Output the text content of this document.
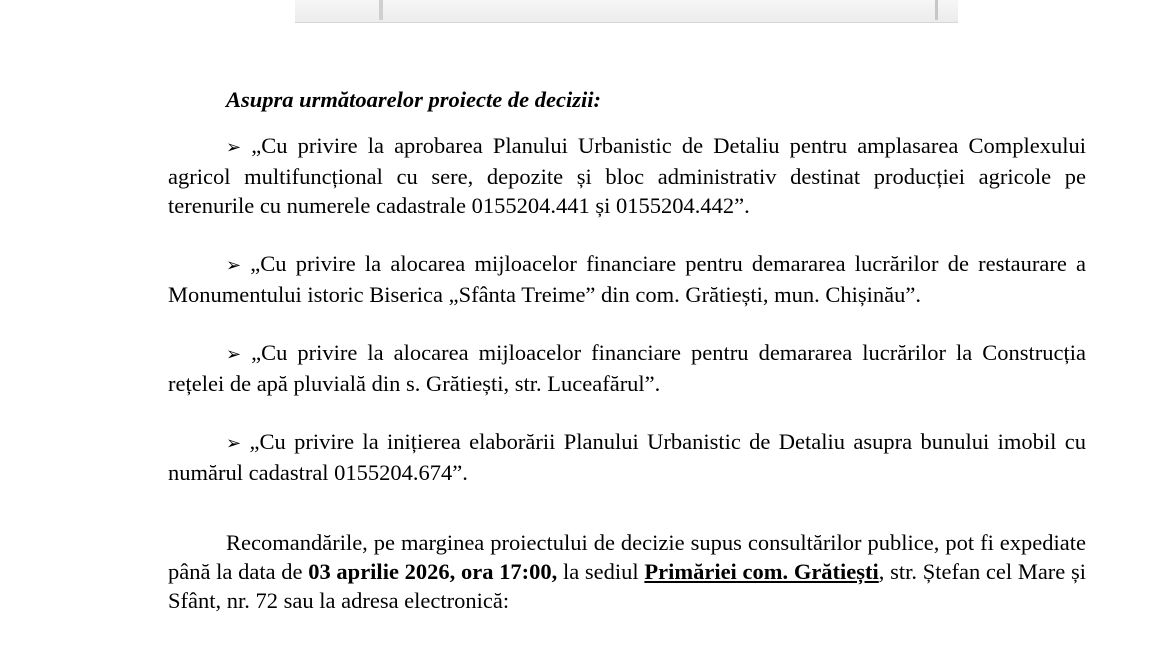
Asupra următoarelor proiecte de decizii:

➢ „Cu privire la aprobarea Planului Urbanistic de Detaliu pentru amplasarea Complexului agricol multifuncțional cu sere, depozite și bloc administrativ destinat producției agricole pe terenurile cu numerele cadastrale 0155204.441 și 0155204.442”.

➢ „Cu privire la alocarea mijloacelor financiare pentru demararea lucrărilor de restaurare a Monumentului istoric Biserica „Sfânta Treime” din com. Grătiești, mun. Chișinău”.

➢ „Cu privire la alocarea mijloacelor financiare pentru demararea lucrărilor la Construcția rețelei de apă pluvială din s. Grătiești, str. Luceafărul”.

➢ „Cu privire la inițierea elaborării Planului Urbanistic de Detaliu asupra bunului imobil cu numărul cadastral 0155204.674”.

Recomandările, pe marginea proiectului de decizie supus consultărilor publice, pot fi expediate până la data de 03 aprilie 2026, ora 17:00, la sediul Primăriei com. Grătiești, str. Ștefan cel Mare și Sfânt, nr. 72 sau la adresa electronică:
